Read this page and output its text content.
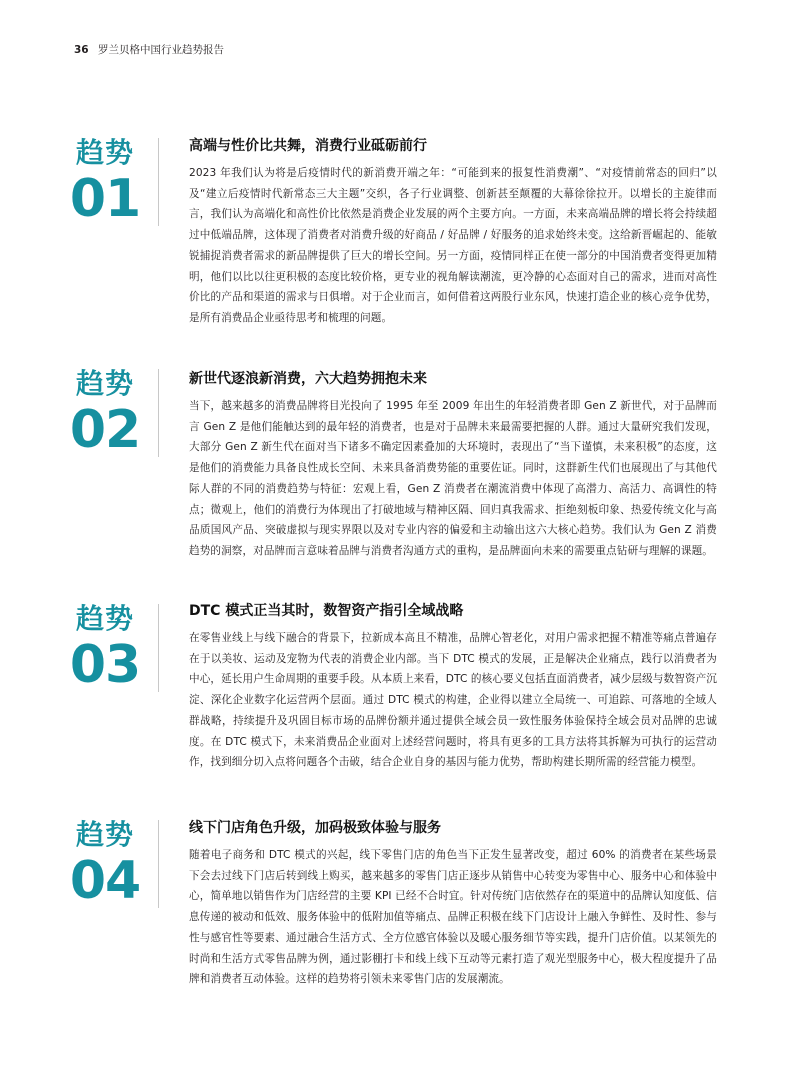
36 罗兰贝格中国行业趋势报告
趋势
01
高端与性价比共舞，消费行业砥砺前行

2023 年我们认为将是后疫情时代的新消费开端之年：“可能到来的报复性消费潮”、“对疫情前常态的回归”以及“建立后疫情时代新常态三大主题”交织，各子行业调整、创新甚至颠覆的大幕徐徐拉开。以增长的主旋律而言，我们认为高端化和高性价比依然是消费企业发展的两个主要方向。一方面，未来高端品牌的增长将会持续超过中低端品牌，这体现了消费者对消费升级的好商品 / 好品牌 / 好服务的追求始终未变。这给新晋崛起的、能敏锐捕捉消费者需求的新品牌提供了巨大的增长空间。另一方面，疫情同样正在使一部分的中国消费者变得更加精明，他们以比以往更积极的态度比较价格，更专业的视角解读潮流，更冷静的心态面对自己的需求，进而对高性价比的产品和渠道的需求与日俱增。对于企业而言，如何借着这两股行业东风，快速打造企业的核心竞争优势，是所有消费品企业亟待思考和梳理的问题。

趋势
02
新世代逐浪新消费，六大趋势拥抱未来

当下，越来越多的消费品牌将目光投向了 1995 年至 2009 年出生的年轻消费者即 Gen Z 新世代，对于品牌而言 Gen Z 是他们能触达到的最年轻的消费者，也是对于品牌未来最需要把握的人群。通过大量研究我们发现，大部分 Gen Z 新生代在面对当下诸多不确定因素叠加的大环境时，表现出了“当下谨慎，未来积极”的态度，这是他们的消费能力具备良性成长空间、未来具备消费势能的重要佐证。同时，这群新生代们也展现出了与其他代际人群的不同的消费趋势与特征：宏观上看，Gen Z 消费者在潮流消费中体现了高潜力、高活力、高调性的特点；微观上，他们的消费行为体现出了打破地域与精神区隔、回归真我需求、拒绝刻板印象、热爱传统文化与高品质国风产品、突破虚拟与现实界限以及对专业内容的偏爱和主动输出这六大核心趋势。我们认为 Gen Z 消费趋势的洞察，对品牌而言意味着品牌与消费者沟通方式的重构，是品牌面向未来的需要重点钻研与理解的课题。

趋势
03
DTC 模式正当其时，数智资产指引全域战略

在零售业线上与线下融合的背景下，拉新成本高且不精准，品牌心智老化，对用户需求把握不精准等痛点普遍存在于以美妆、运动及宠物为代表的消费企业内部。当下 DTC 模式的发展，正是解决企业痛点，践行以消费者为中心，延长用户生命周期的重要手段。从本质上来看，DTC 的核心要义包括直面消费者，减少层级与数智资产沉淀、深化企业数字化运营两个层面。通过 DTC 模式的构建，企业得以建立全局统一、可追踪、可落地的全域人群战略，持续提升及巩固目标市场的品牌份额并通过提供全域会员一致性服务体验保持全域会员对品牌的忠诚度。在 DTC 模式下，未来消费品企业面对上述经营问题时，将具有更多的工具方法将其拆解为可执行的运营动作，找到细分切入点将问题各个击破，结合企业自身的基因与能力优势，帮助构建长期所需的经营能力模型。

趋势
04
线下门店角色升级，加码极致体验与服务

随着电子商务和 DTC 模式的兴起，线下零售门店的角色当下正发生显著改变，超过 60% 的消费者在某些场景下会去过线下门店后转到线上购买，越来越多的零售门店正逐步从销售中心转变为零售中心、服务中心和体验中心，简单地以销售作为门店经营的主要 KPI 已经不合时宜。针对传统门店依然存在的渠道中的品牌认知度低、信息传递的被动和低效、服务体验中的低附加值等痛点、品牌正积极在线下门店设计上融入争鲜性、及时性、参与性与感官性等要素、通过融合生活方式、全方位感官体验以及暖心服务细节等实践，提升门店价值。以某领先的时尚和生活方式零售品牌为例，通过影棚打卡和线上线下互动等元素打造了观光型服务中心，极大程度提升了品牌和消费者互动体验。这样的趋势将引领未来零售门店的发展潮流。
